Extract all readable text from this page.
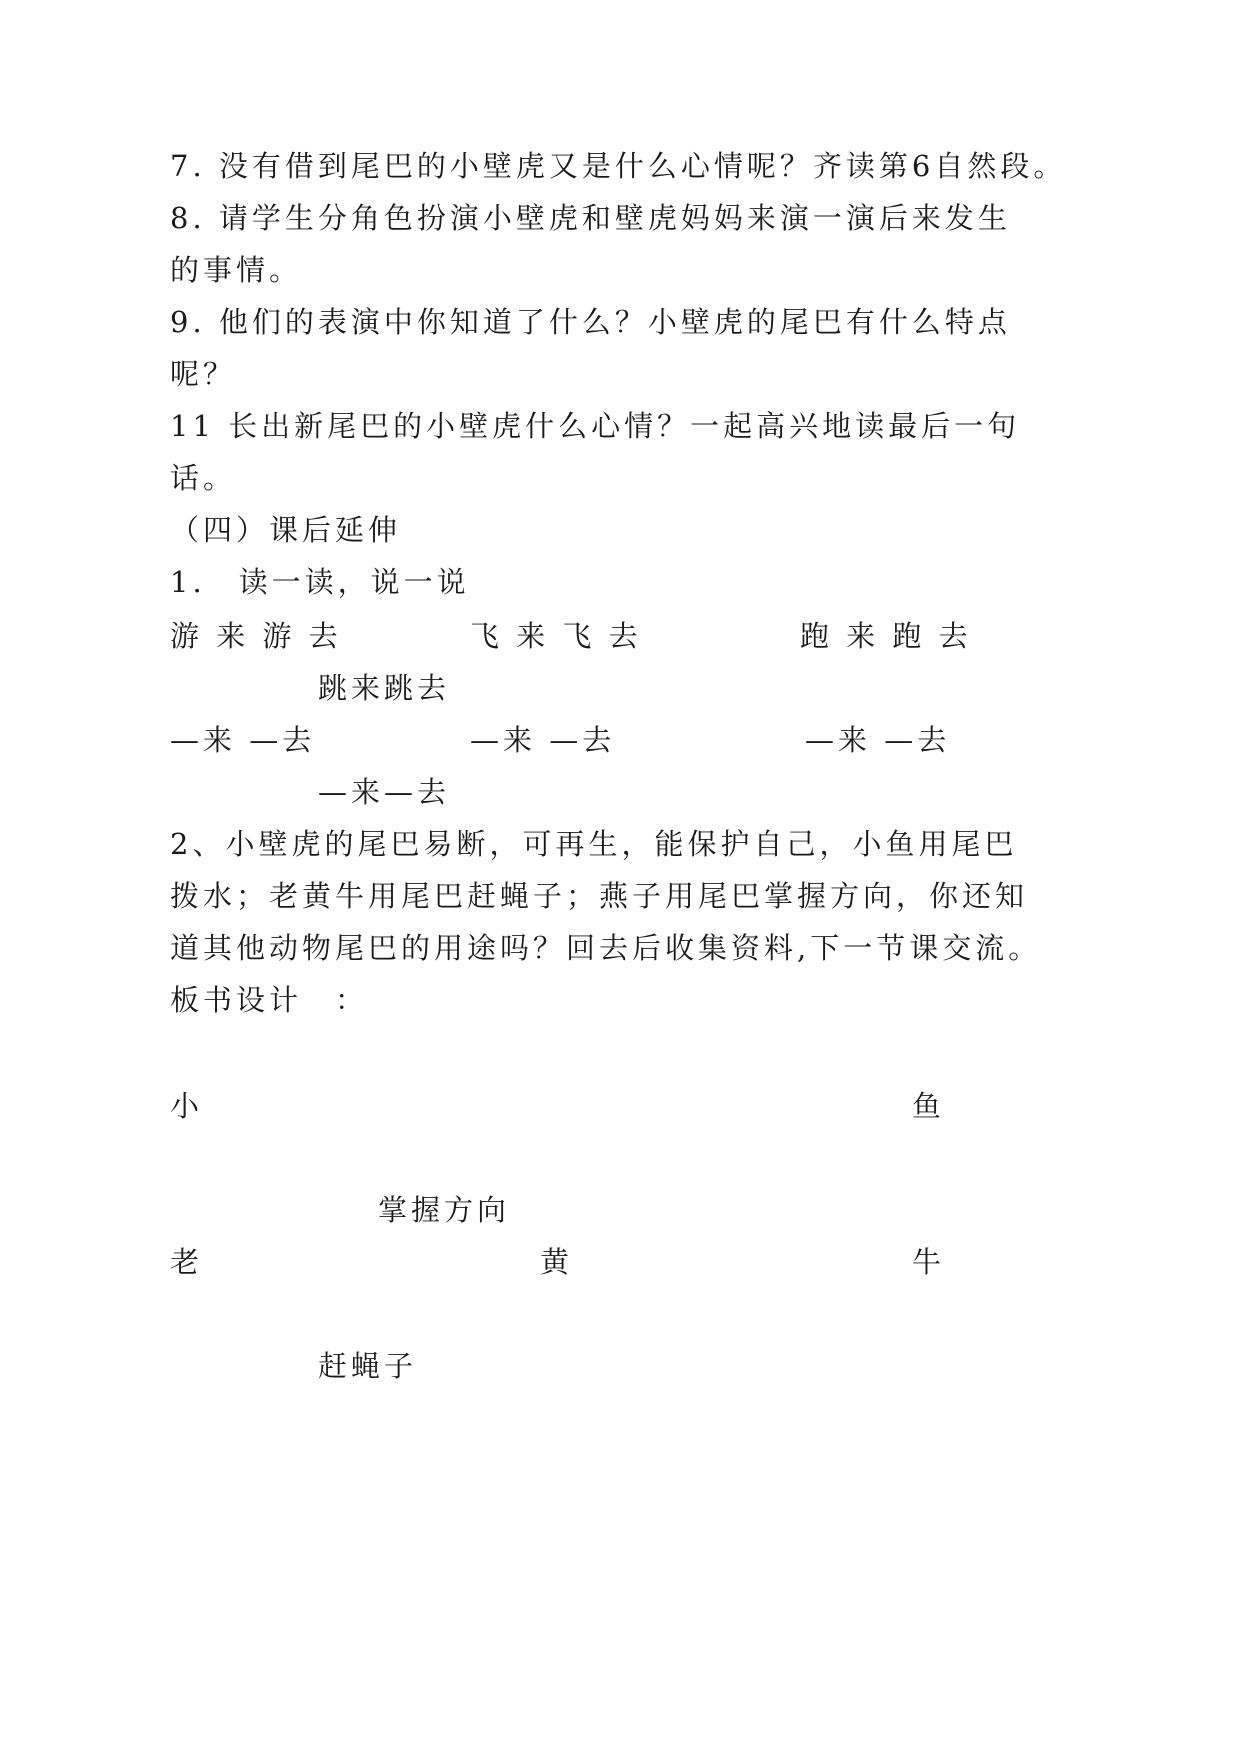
7. 没有借到尾巴的小壁虎又是什么心情呢？齐读第6自然段。

8. 请学生分角色扮演小壁虎和壁虎妈妈来演一演后来发生

的事情。

9. 他们的表演中你知道了什么？小壁虎的尾巴有什么特点

呢？

11 长出新尾巴的小壁虎什么心情？一起高兴地读最后一句

话。

（四）课后延伸

1.　读一读，说一说

游 来 游 去	飞 来 飞 去	跑 来 跑 去

跳来跳去

—来 —去	—来 —去	—来 —去

—来—去

2、小壁虎的尾巴易断，可再生，能保护自己，小鱼用尾巴

拨水；老黄牛用尾巴赶蝇子；燕子用尾巴掌握方向，你还知

道其他动物尾巴的用途吗？回去后收集资料,下一节课交流。

板书设计　：

小	鱼

掌握方向

老	黄	牛

赶蝇子
